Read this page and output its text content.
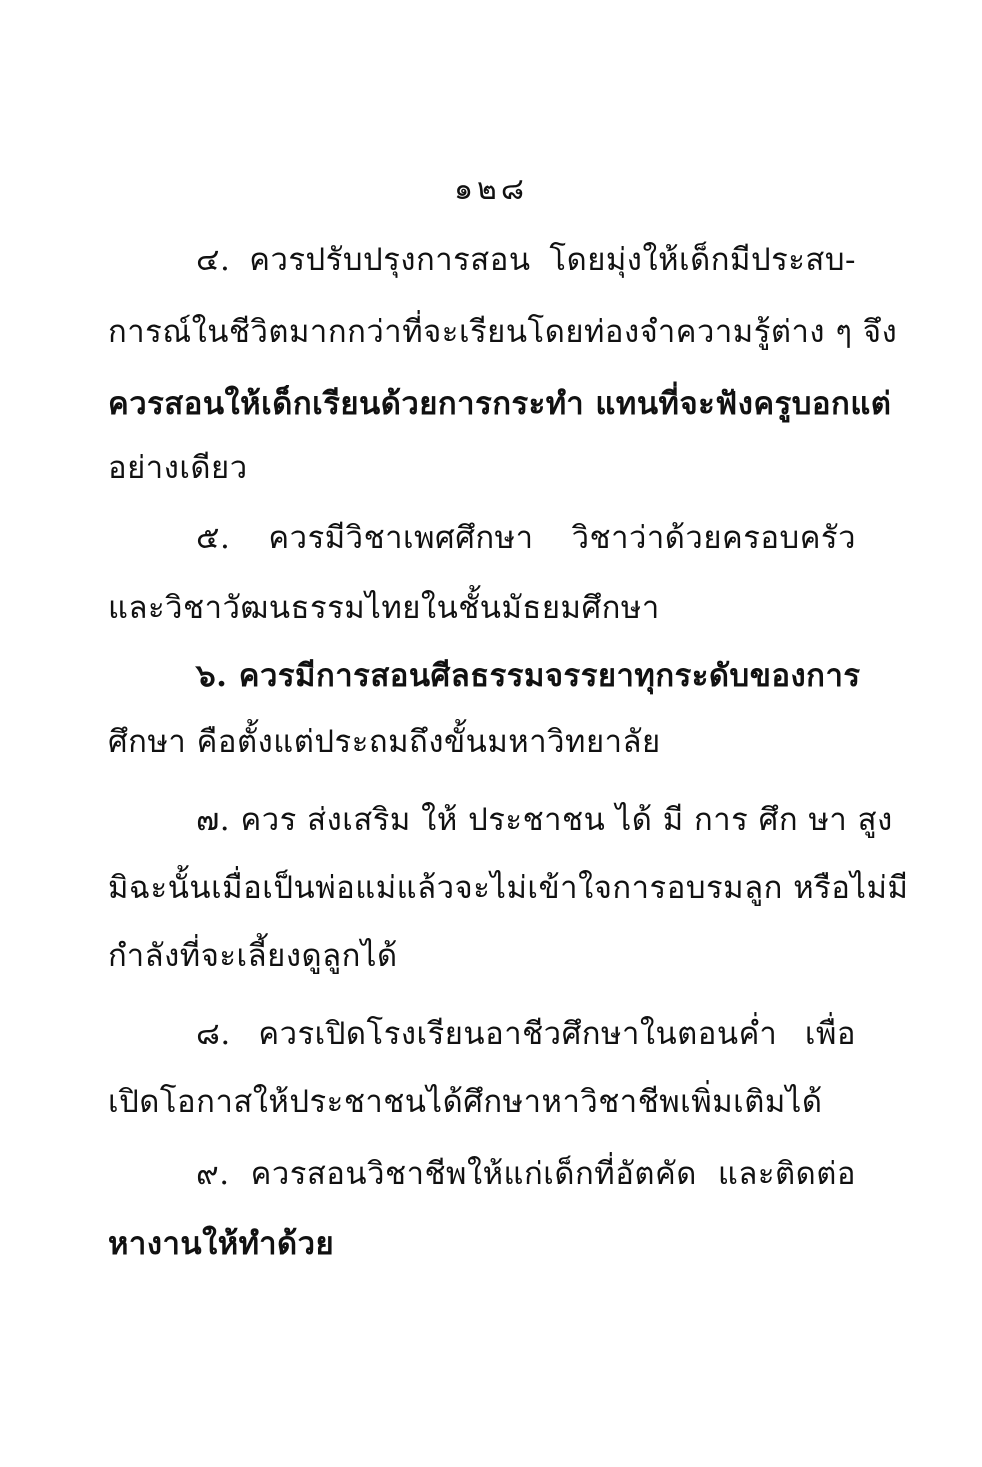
๑๒๘
๔. ควรปรับปรุงการสอน โดยมุ่งให้เด็กมีประสบ-
การณ์ในชีวิตมากกว่าที่จะเรียนโดยท่องจำความรู้ต่าง ๆ จึง
ควรสอนให้เด็กเรียนด้วยการกระทำ แทนที่จะฟังครูบอกแต่
อย่างเดียว
๕. ควรมีวิชาเพศศึกษา วิชาว่าด้วยครอบครัว
และวิชาวัฒนธรรมไทยในชั้นมัธยมศึกษา
๖. ควรมีการสอนศีลธรรมจรรยาทุกระดับของการ
ศึกษา คือตั้งแต่ประถมถึงขั้นมหาวิทยาลัย
๗. ควร ส่งเสริม ให้ ประชาชน ได้ มี การ ศึก ษา สูง
มิฉะนั้นเมื่อเป็นพ่อแม่แล้วจะไม่เข้าใจการอบรมลูก หรือไม่มี
กำลังที่จะเลี้ยงดูลูกได้
๘. ควรเปิดโรงเรียนอาชีวศึกษาในตอนค่ำ เพื่อ
เปิดโอกาสให้ประชาชนได้ศึกษาหาวิชาชีพเพิ่มเติมได้
๙. ควรสอนวิชาชีพให้แก่เด็กที่อัตคัด และติดต่อ
หางานให้ทำด้วย
